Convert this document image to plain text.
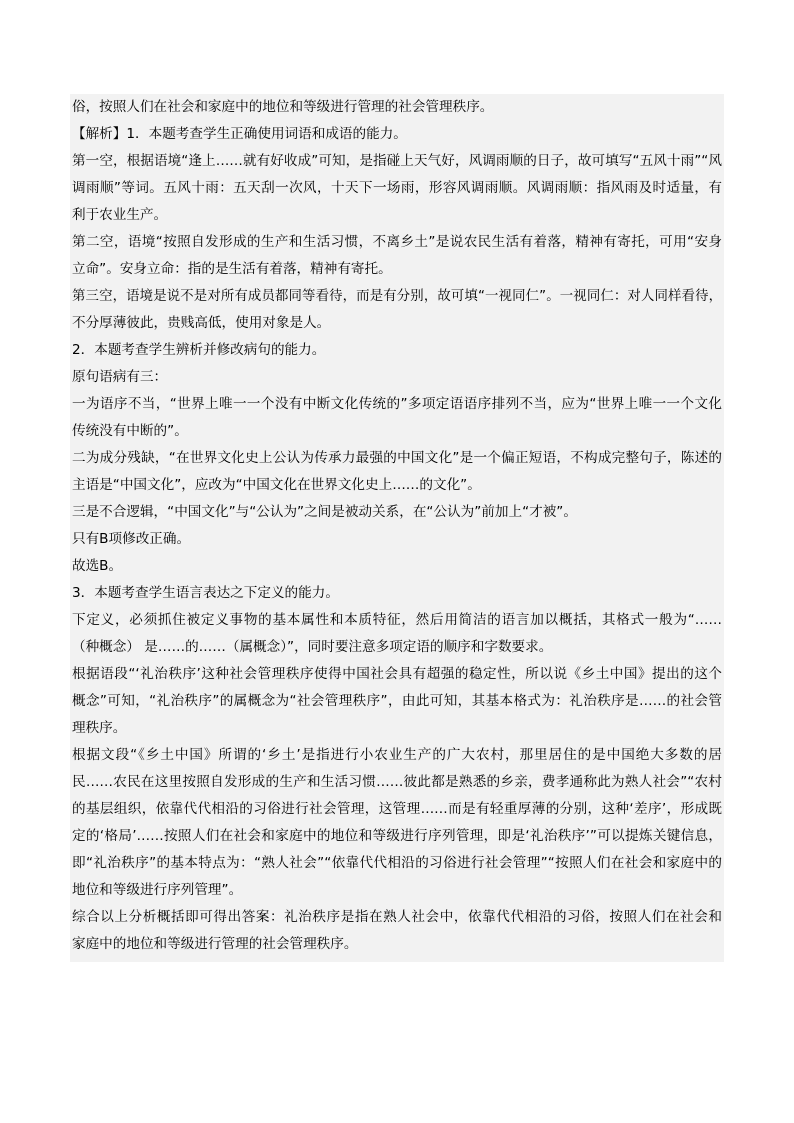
俗，按照人们在社会和家庭中的地位和等级进行管理的社会管理秩序。
【解析】1．本题考查学生正确使用词语和成语的能力。
第一空，根据语境“逢上……就有好收成”可知，是指碰上天气好，风调雨顺的日子，故可填写“五风十雨”“风
调雨顺”等词。五风十雨：五天刮一次风，十天下一场雨，形容风调雨顺。风调雨顺：指风雨及时适量，有
利于农业生产。
第二空，语境“按照自发形成的生产和生活习惯，不离乡土”是说农民生活有着落，精神有寄托，可用“安身
立命”。安身立命：指的是生活有着落，精神有寄托。
第三空，语境是说不是对所有成员都同等看待，而是有分别，故可填“一视同仁”。一视同仁：对人同样看待，
不分厚薄彼此，贵贱高低，使用对象是人。
2．本题考查学生辨析并修改病句的能力。
原句语病有三：
一为语序不当，“世界上唯一一个没有中断文化传统的”多项定语语序排列不当，应为“世界上唯一一个文化
传统没有中断的”。
二为成分残缺，“在世界文化史上公认为传承力最强的中国文化”是一个偏正短语，不构成完整句子，陈述的
主语是“中国文化”，应改为“中国文化在世界文化史上……的文化”。
三是不合逻辑，“中国文化”与“公认为”之间是被动关系，在“公认为”前加上“才被”。
只有B项修改正确。
故选B。
3．本题考查学生语言表达之下定义的能力。
下定义，必须抓住被定义事物的基本属性和本质特征，然后用简洁的语言加以概括，其格式一般为“……
（种概念） 是……的……（属概念）”，同时要注意多项定语的顺序和字数要求。
根据语段“‘礼治秩序’这种社会管理秩序使得中国社会具有超强的稳定性，所以说《乡土中国》提出的这个
概念”可知，“礼治秩序”的属概念为“社会管理秩序”，由此可知，其基本格式为：礼治秩序是……的社会管
理秩序。
根据文段“《乡土中国》所谓的‘乡土’是指进行小农业生产的广大农村，那里居住的是中国绝大多数的居
民……农民在这里按照自发形成的生产和生活习惯……彼此都是熟悉的乡亲，费孝通称此为熟人社会”“农村
的基层组织，依靠代代相沿的习俗进行社会管理，这管理……而是有轻重厚薄的分别，这种‘差序’，形成既
定的‘格局’……按照人们在社会和家庭中的地位和等级进行序列管理，即是‘礼治秩序’”可以提炼关键信息，
即“礼治秩序”的基本特点为：“熟人社会”“依靠代代相沿的习俗进行社会管理”“按照人们在社会和家庭中的
地位和等级进行序列管理”。
综合以上分析概括即可得出答案：礼治秩序是指在熟人社会中，依靠代代相沿的习俗，按照人们在社会和
家庭中的地位和等级进行管理的社会管理秩序。
